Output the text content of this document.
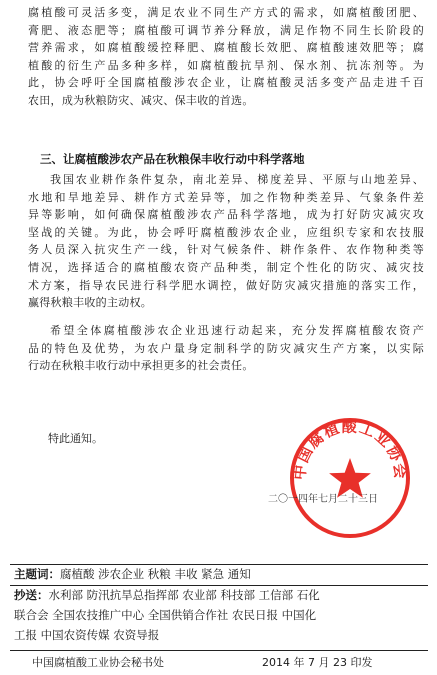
腐植酸可灵活多变，满足农业不同生产方式的需求，如腐植酸团肥、
膏肥、液态肥等；腐植酸可调节养分释放，满足作物不同生长阶段的
营养需求，如腐植酸缓控释肥、腐植酸长效肥、腐植酸速效肥等；腐
植酸的衍生产品多种多样，如腐植酸抗旱剂、保水剂、抗冻剂等。为
此，协会呼吁全国腐植酸涉农企业，让腐植酸灵活多变产品走进千百
农田，成为秋粮防灾、减灾、保丰收的首选。
三、让腐植酸涉农产品在秋粮保丰收行动中科学落地
我国农业耕作条件复杂，南北差异、梯度差异、平原与山地差异、
水地和旱地差异、耕作方式差异等，加之作物种类差异、气象条件差
异等影响，如何确保腐植酸涉农产品科学落地，成为打好防灾减灾攻
坚战的关键。为此，协会呼吁腐植酸涉农企业，应组织专家和农技服
务人员深入抗灾生产一线，针对气候条件、耕作条件、农作物种类等
情况，选择适合的腐植酸农资产品种类，制定个性化的防灾、减灾技
术方案，指导农民进行科学肥水调控，做好防灾减灾措施的落实工作，
赢得秋粮丰收的主动权。
希望全体腐植酸涉农企业迅速行动起来，充分发挥腐植酸农资产
品的特色及优势，为农户量身定制科学的防灾减灾生产方案，以实际
行动在秋粮丰收行动中承担更多的社会责任。
特此通知。
中国腐植酸工业协会
二〇一四年七月二十三日
主题词：腐植酸 涉农企业 秋粮 丰收 紧急 通知
抄送：水利部 防汛抗旱总指挥部 农业部 科技部 工信部 石化
联合会 全国农技推广中心 全国供销合作社 农民日报 中国化
工报 中国农资传媒 农资导报
中国腐植酸工业协会秘书处	2014 年 7 月 23 印发
